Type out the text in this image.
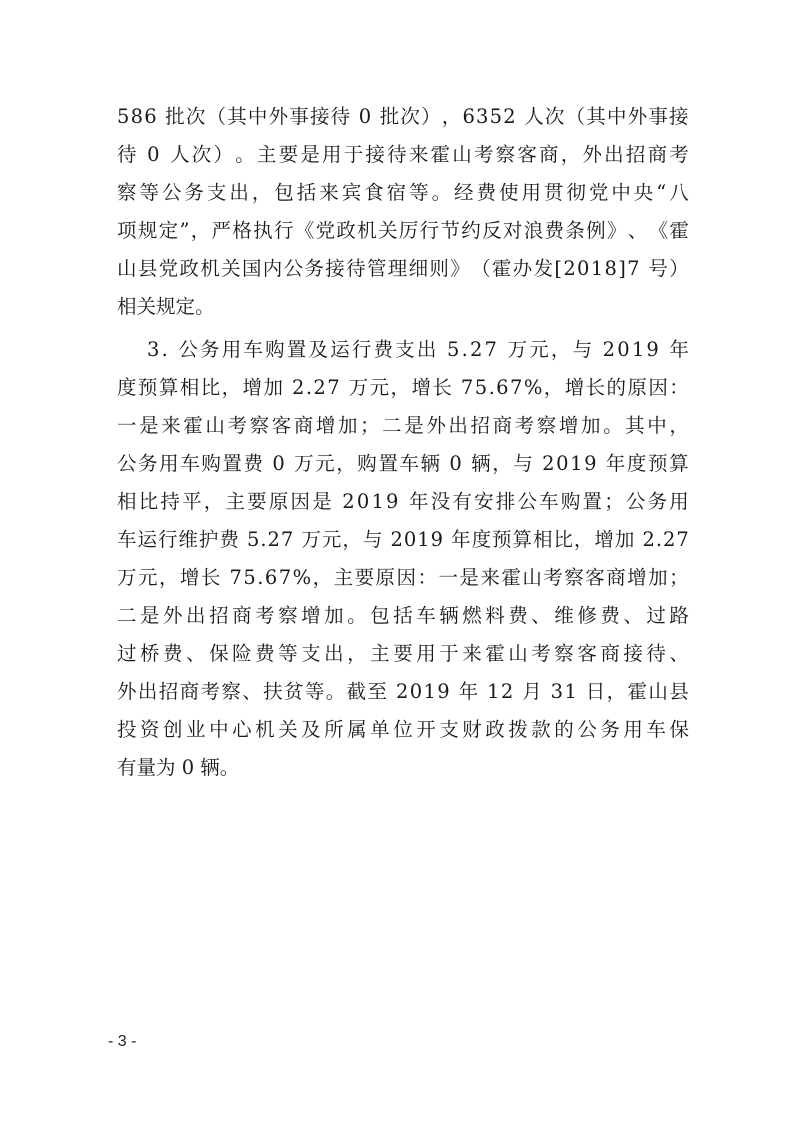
5 8 6
批 次 （ 其 中 外 事 接 待
0
批 次 ） ， 6 3 5 2
人 次 （ 其 中 外 事 接
待
0
人 次 ） 。 主 要 是 用 于 接 待 来 霍 山 考 察 客 商 ， 外 出 招 商 考
察 等 公 务 支 出 ， 包 括 来 宾 食 宿 等 。 经 费 使 用 贯 彻 党 中 央 “ 八
项 规 定 ” ， 严 格 执 行 《 党 政 机 关 厉 行 节 约 反 对 浪 费 条 例 》 、 《 霍
山 县 党 政 机 关 国 内 公 务 接 待 管 理 细 则 》 （ 霍 办 发 [ 2 0 1 8 ] 7
号 ）
相关规定。
3 .
公 务 用 车 购 置 及 运 行 费 支 出
5 . 2 7
万 元 ， 与
2 0 1 9
年
度 预 算 相 比 ， 增 加
2 . 2 7
万 元 ， 增 长
7 5 . 6 7 % ， 增 长 的 原 因 ：
一 是 来 霍 山 考 察 客 商 增 加 ； 二 是 外 出 招 商 考 察 增 加 。 其 中 ，
公 务 用 车 购 置 费
0
万 元 ， 购 置 车 辆
0
辆 ， 与
2 0 1 9
年 度 预 算
相 比 持 平 ， 主 要 原 因 是
2 0 1 9
年 没 有 安 排 公 车 购 置 ； 公 务 用
车 运 行 维 护 费
5 . 2 7
万 元 ， 与
2 0 1 9
年 度 预 算 相 比 ， 增 加
2 . 2 7
万 元 ， 增 长
7 5 . 6 7 % ， 主 要 原 因 ： 一 是 来 霍 山 考 察 客 商 增 加 ；
二 是 外 出 招 商 考 察 增 加 。 包 括 车 辆 燃 料 费 、 维 修 费 、 过 路
过 桥 费 、 保 险 费 等 支 出 ， 主 要 用 于 来 霍 山 考 察 客 商 接 待 、
外 出 招 商 考 察 、 扶 贫 等 。 截 至
2 0 1 9
年
1 2
月
3 1
日 ， 霍 山 县
投 资 创 业 中 心 机 关 及 所 属 单 位 开 支 财 政 拨 款 的 公 务 用 车 保
有量为 0 辆。
- 3 -
